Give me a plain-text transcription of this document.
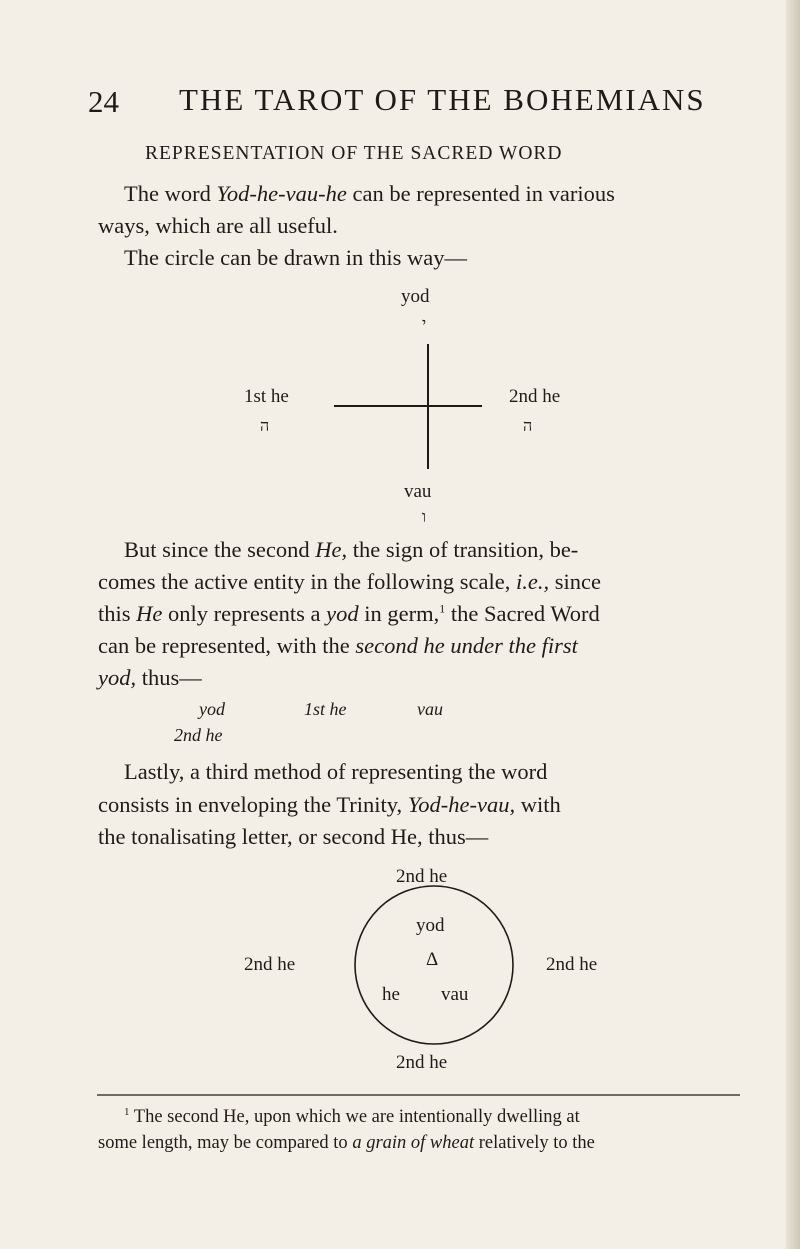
24 THE TAROT OF THE BOHEMIANS
REPRESENTATION OF THE SACRED WORD
The word Yod-he-vau-he can be represented in various
ways, which are all useful.
The circle can be drawn in this way—
yod
י
1st he
ה
2nd he
ה
vau
ו
But since the second He, the sign of transition, be-
comes the active entity in the following scale, i.e., since
this He only represents a yod in germ,$^1$ the Sacred Word
can be represented, with the second he under the first
yod, thus—
yod	1st he	vau
2nd he
Lastly, a third method of representing the word
consists in enveloping the Trinity, Yod-he-vau, with
the tonalisating letter, or second He, thus—
2nd he
2nd he	2nd he
yod
Δ
he vau
2nd he
$^1$ The second He, upon which we are intentionally dwelling at
some length, may be compared to a grain of wheat relatively to the
